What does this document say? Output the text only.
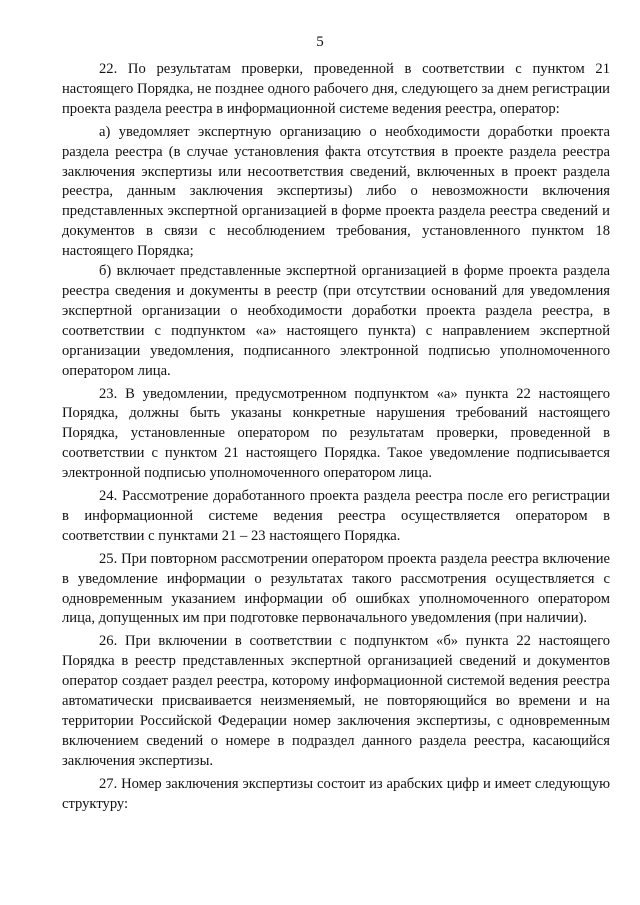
5

22. По результатам проверки, проведенной в соответствии с пунктом 21 настоящего Порядка, не позднее одного рабочего дня, следующего за днем регистрации проекта раздела реестра в информационной системе ведения реестра, оператор:

а) уведомляет экспертную организацию о необходимости доработки проекта раздела реестра (в случае установления факта отсутствия в проекте раздела реестра заключения экспертизы или несоответствия сведений, включенных в проект раздела реестра, данным заключения экспертизы) либо о невозможности включения представленных экспертной организацией в форме проекта раздела реестра сведений и документов в связи с несоблюдением требования, установленного пунктом 18 настоящего Порядка;

б) включает представленные экспертной организацией в форме проекта раздела реестра сведения и документы в реестр (при отсутствии оснований для уведомления экспертной организации о необходимости доработки проекта раздела реестра, в соответствии с подпунктом «а» настоящего пункта) с направлением экспертной организации уведомления, подписанного электронной подписью уполномоченного оператором лица.

23. В уведомлении, предусмотренном подпунктом «а» пункта 22 настоящего Порядка, должны быть указаны конкретные нарушения требований настоящего Порядка, установленные оператором по результатам проверки, проведенной в соответствии с пунктом 21 настоящего Порядка. Такое уведомление подписывается электронной подписью уполномоченного оператором лица.

24. Рассмотрение доработанного проекта раздела реестра после его регистрации в информационной системе ведения реестра осуществляется оператором в соответствии с пунктами 21 – 23 настоящего Порядка.

25. При повторном рассмотрении оператором проекта раздела реестра включение в уведомление информации о результатах такого рассмотрения осуществляется с одновременным указанием информации об ошибках уполномоченного оператором лица, допущенных им при подготовке первоначального уведомления (при наличии).

26. При включении в соответствии с подпунктом «б» пункта 22 настоящего Порядка в реестр представленных экспертной организацией сведений и документов оператор создает раздел реестра, которому информационной системой ведения реестра автоматически присваивается неизменяемый, не повторяющийся во времени и на территории Российской Федерации номер заключения экспертизы, с одновременным включением сведений о номере в подраздел данного раздела реестра, касающийся заключения экспертизы.

27. Номер заключения экспертизы состоит из арабских цифр и имеет следующую структуру:
